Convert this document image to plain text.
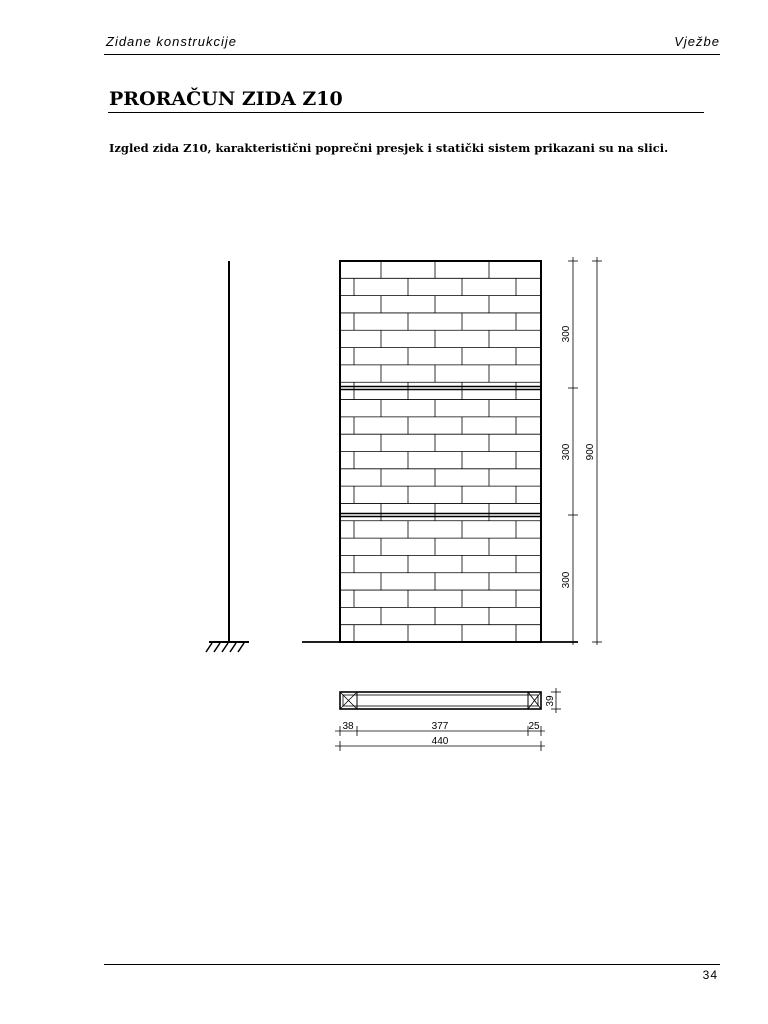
Zidane konstrukcije	Vježbe
PRORAČUN ZIDA Z10
Izgled zida Z10, karakteristični poprečni presjek i statički sistem prikazani su na slici.
300
300
300
900
38	377	25
440
39
34
